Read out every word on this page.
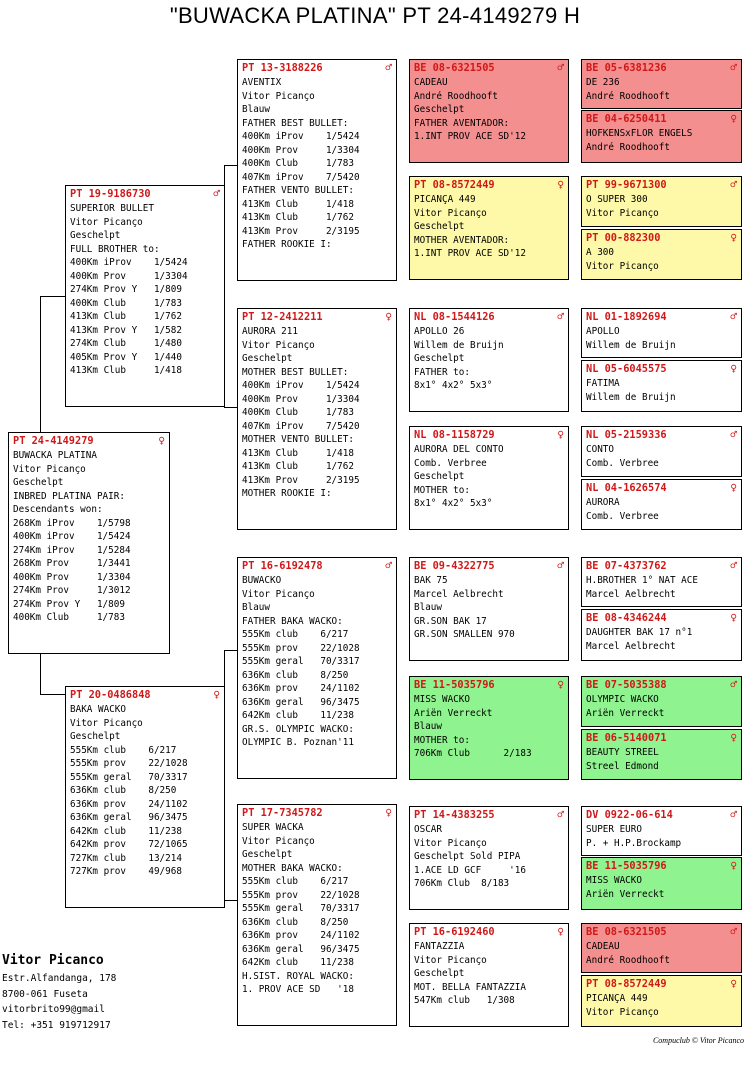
"BUWACKA PLATINA" PT 24-4149279 H
PT 24-4149279	♀
BUWACKA PLATINA
Vitor Picanço
Geschelpt
INBRED PLATINA PAIR:
Descendants won:
268Km iProv    1/5798
400Km iProv    1/5424
274Km iProv    1/5284
268Km Prov     1/3441
400Km Prov     1/3304
274Km Prov     1/3012
274Km Prov Y   1/809
400Km Club     1/783
PT 19-9186730	♂
SUPERIOR BULLET
Vitor Picanço
Geschelpt
FULL BROTHER to:
400Km iProv    1/5424
400Km Prov     1/3304
274Km Prov Y   1/809
400Km Club     1/783
413Km Club     1/762
413Km Prov Y   1/582
274Km Club     1/480
405Km Prov Y   1/440
413Km Club     1/418
PT 20-0486848	♀
BAKA WACKO
Vitor Picanço
Geschelpt
555Km club    6/217
555Km prov    22/1028
555Km geral   70/3317
636Km club    8/250
636Km prov    24/1102
636Km geral   96/3475
642Km club    11/238
642Km prov    72/1065
727Km club    13/214
727Km prov    49/968
PT 13-3188226	♂
AVENTIX
Vitor Picanço
Blauw
FATHER BEST BULLET:
400Km iProv    1/5424
400Km Prov     1/3304
400Km Club     1/783
407Km iProv    7/5420
FATHER VENTO BULLET:
413Km Club     1/418
413Km Club     1/762
413Km Prov     2/3195
FATHER ROOKIE I:
PT 12-2412211	♀
AURORA 211
Vitor Picanço
Geschelpt
MOTHER BEST BULLET:
400Km iProv    1/5424
400Km Prov     1/3304
400Km Club     1/783
407Km iProv    7/5420
MOTHER VENTO BULLET:
413Km Club     1/418
413Km Club     1/762
413Km Prov     2/3195
MOTHER ROOKIE I:
PT 16-6192478	♂
BUWACKO
Vitor Picanço
Blauw
FATHER BAKA WACKO:
555Km club    6/217
555Km prov    22/1028
555Km geral   70/3317
636Km club    8/250
636Km prov    24/1102
636Km geral   96/3475
642Km club    11/238
GR.S. OLYMPIC WACKO:
OLYMPIC B. Poznan'11
PT 17-7345782	♀
SUPER WACKA
Vitor Picanço
Geschelpt
MOTHER BAKA WACKO:
555Km club    6/217
555Km prov    22/1028
555Km geral   70/3317
636Km club    8/250
636Km prov    24/1102
636Km geral   96/3475
642Km club    11/238
H.SIST. ROYAL WACKO:
1. PROV ACE SD   '18
BE 08-6321505	♂
CADEAU
André Roodhooft
Geschelpt
FATHER AVENTADOR:
1.INT PROV ACE SD'12
PT 08-8572449	♀
PICANÇA 449
Vitor Picanço
Geschelpt
MOTHER AVENTADOR:
1.INT PROV ACE SD'12
NL 08-1544126	♂
APOLLO 26
Willem de Bruijn
Geschelpt
FATHER to:
8x1° 4x2° 5x3°
NL 08-1158729	♀
AURORA DEL CONTO
Comb. Verbree
Geschelpt
MOTHER to:
8x1° 4x2° 5x3°
BE 09-4322775	♂
BAK 75
Marcel Aelbrecht
Blauw
GR.SON BAK 17
GR.SON SMALLEN 970
BE 11-5035796	♀
MISS WACKO
Ariën Verreckt
Blauw
MOTHER to:
706Km Club      2/183
PT 14-4383255	♂
OSCAR
Vitor Picanço
Geschelpt Sold PIPA
1.ACE LD GCF     '16
706Km Club  8/183
PT 16-6192460	♀
FANTAZZIA
Vitor Picanço
Geschelpt
MOT. BELLA FANTAZZIA
547Km club   1/308
BE 05-6381236	♂
DE 236
André Roodhooft
BE 04-6250411	♀
HOFKENSxFLOR ENGELS
André Roodhooft
PT 99-9671300	♂
O SUPER 300
Vitor Picanço
PT 00-882300	♀
A 300
Vitor Picanço
NL 01-1892694	♂
APOLLO
Willem de Bruijn
NL 05-6045575	♀
FATIMA
Willem de Bruijn
NL 05-2159336	♂
CONTO
Comb. Verbree
NL 04-1626574	♀
AURORA
Comb. Verbree
BE 07-4373762	♂
H.BROTHER 1° NAT ACE
Marcel Aelbrecht
BE 08-4346244	♀
DAUGHTER BAK 17 n°1
Marcel Aelbrecht
BE 07-5035388	♂
OLYMPIC WACKO
Ariën Verreckt
BE 06-5140071	♀
BEAUTY STREEL
Streel Edmond
DV 0922-06-614	♂
SUPER EURO
P. + H.P.Brockamp
BE 11-5035796	♀
MISS WACKO
Ariën Verreckt
BE 08-6321505	♂
CADEAU
André Roodhooft
PT 08-8572449	♀
PICANÇA 449
Vitor Picanço
Vitor Picanco
Estr.Alfandanga, 178
8700-061 Fuseta
vitorbrito99@gmail
Tel: +351 919712917
Compuclub © Vitor Picanco
